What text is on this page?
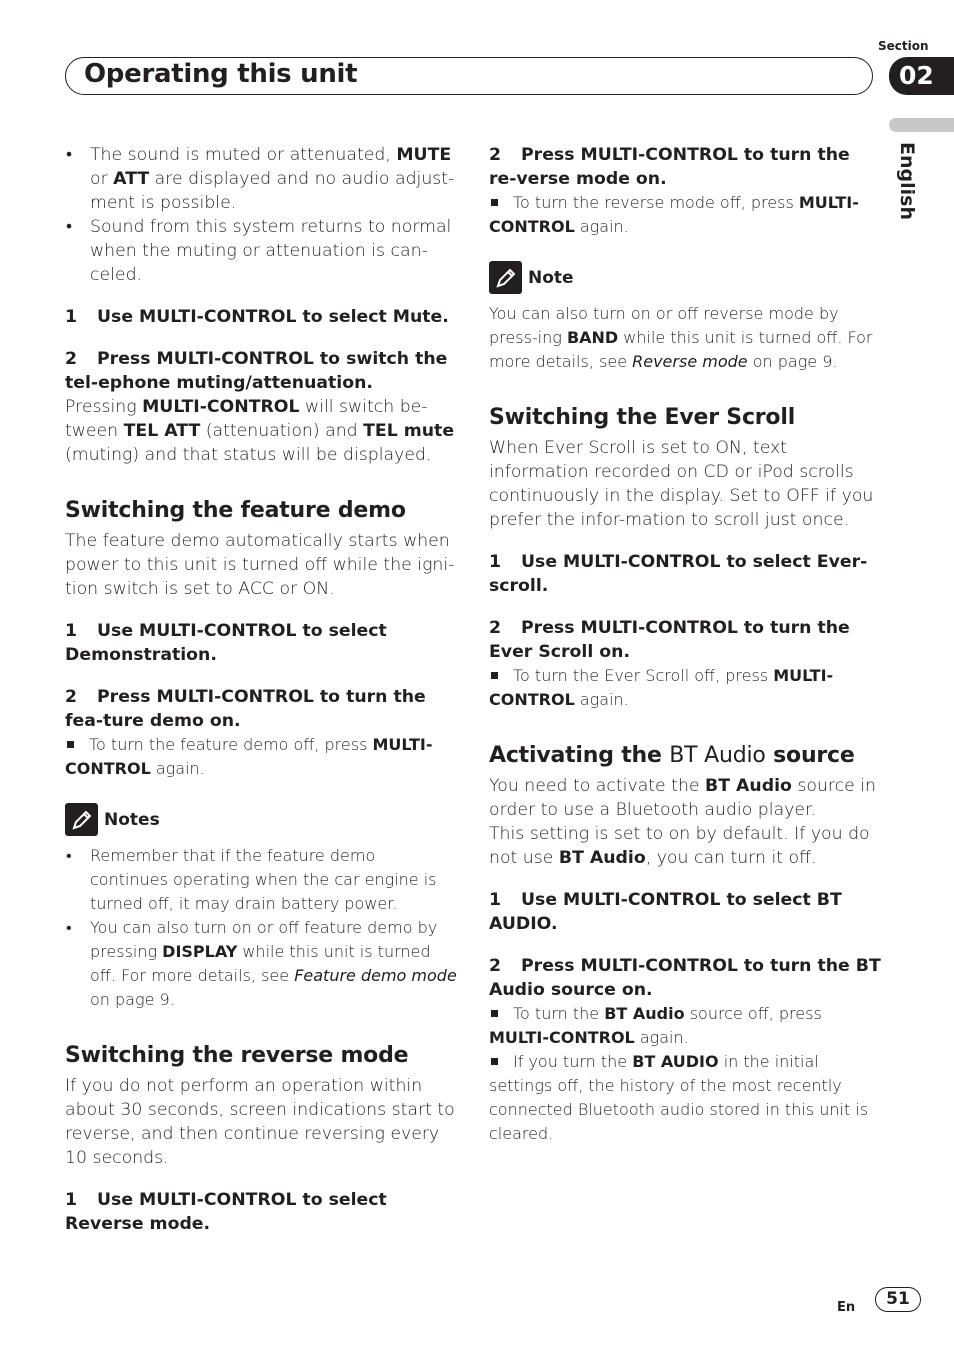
Section
Operating this unit	02
English
• The sound is muted or attenuated, MUTE or ATT are displayed and no audio adjust-ment is possible.
• Sound from this system returns to normal when the muting or attenuation is can-celed.
1 Use MULTI-CONTROL to select Mute.
2 Press MULTI-CONTROL to switch the tel-ephone muting/attenuation.

Pressing MULTI-CONTROL will switch be-tween TEL ATT (attenuation) and TEL mute (muting) and that status will be displayed.

Switching the feature demo

The feature demo automatically starts when power to this unit is turned off while the igni-tion switch is set to ACC or ON.

1 Use MULTI-CONTROL to select Demonstration.
2 Press MULTI-CONTROL to turn the fea-ture demo on.

To turn the feature demo off, press MULTI-CONTROL again.

Notes
• Remember that if the feature demo continues operating when the car engine is turned off, it may drain battery power.
• You can also turn on or off feature demo by pressing DISPLAY while this unit is turned off. For more details, see Feature demo mode on page 9.
Switching the reverse mode

If you do not perform an operation within about 30 seconds, screen indications start to reverse, and then continue reversing every 10 seconds.

1 Use MULTI-CONTROL to select Reverse mode.
2 Press MULTI-CONTROL to turn the re-verse mode on.

To turn the reverse mode off, press MULTI-CONTROL again.

Note

You can also turn on or off reverse mode by press-ing BAND while this unit is turned off. For more details, see Reverse mode on page 9.

Switching the Ever Scroll

When Ever Scroll is set to ON, text information recorded on CD or iPod scrolls continuously in the display. Set to OFF if you prefer the infor-mation to scroll just once.

1 Use MULTI-CONTROL to select Ever-scroll.
2 Press MULTI-CONTROL to turn the Ever Scroll on.

To turn the Ever Scroll off, press MULTI-CONTROL again.

Activating the BT Audio source

You need to activate the BT Audio source in order to use a Bluetooth audio player.

This setting is set to on by default. If you do not use BT Audio, you can turn it off.

1 Use MULTI-CONTROL to select BT AUDIO.
2 Press MULTI-CONTROL to turn the BT Audio source on.

To turn the BT Audio source off, press MULTI-CONTROL again.

If you turn the BT AUDIO in the initial settings off, the history of the most recently connected Bluetooth audio stored in this unit is cleared.

En	51
